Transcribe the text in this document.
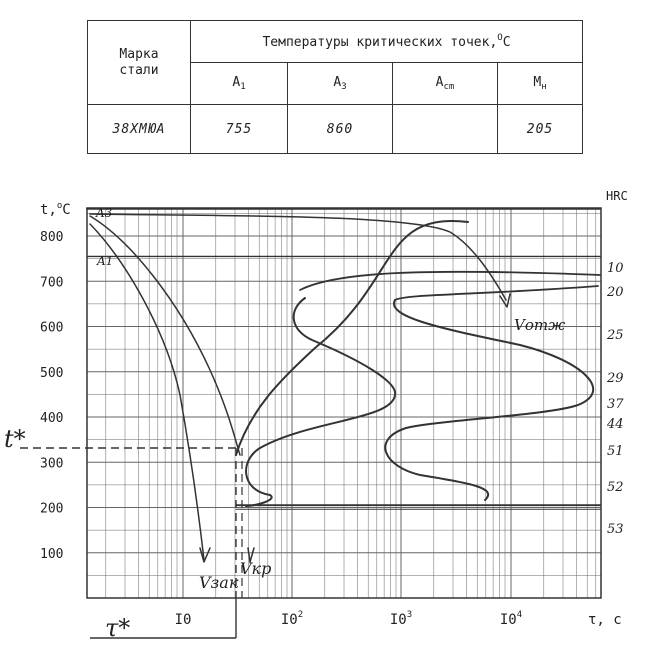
Марка
стали	Температуры критических точек,$^O$C			
	$A_1$	$A_3$	$A_{cm}$	$M_н$
38ХМЮА	755	860		205
800
700
600
500
400
300
200
100
I0	$I0^2$	$I0^3$	$I0^4$
10
20
25
29
37
44
51
52
53
t,$^o$C
HRC
τ, с
A3
A1
Vзак
Vкр
Vотж
t*
τ*
